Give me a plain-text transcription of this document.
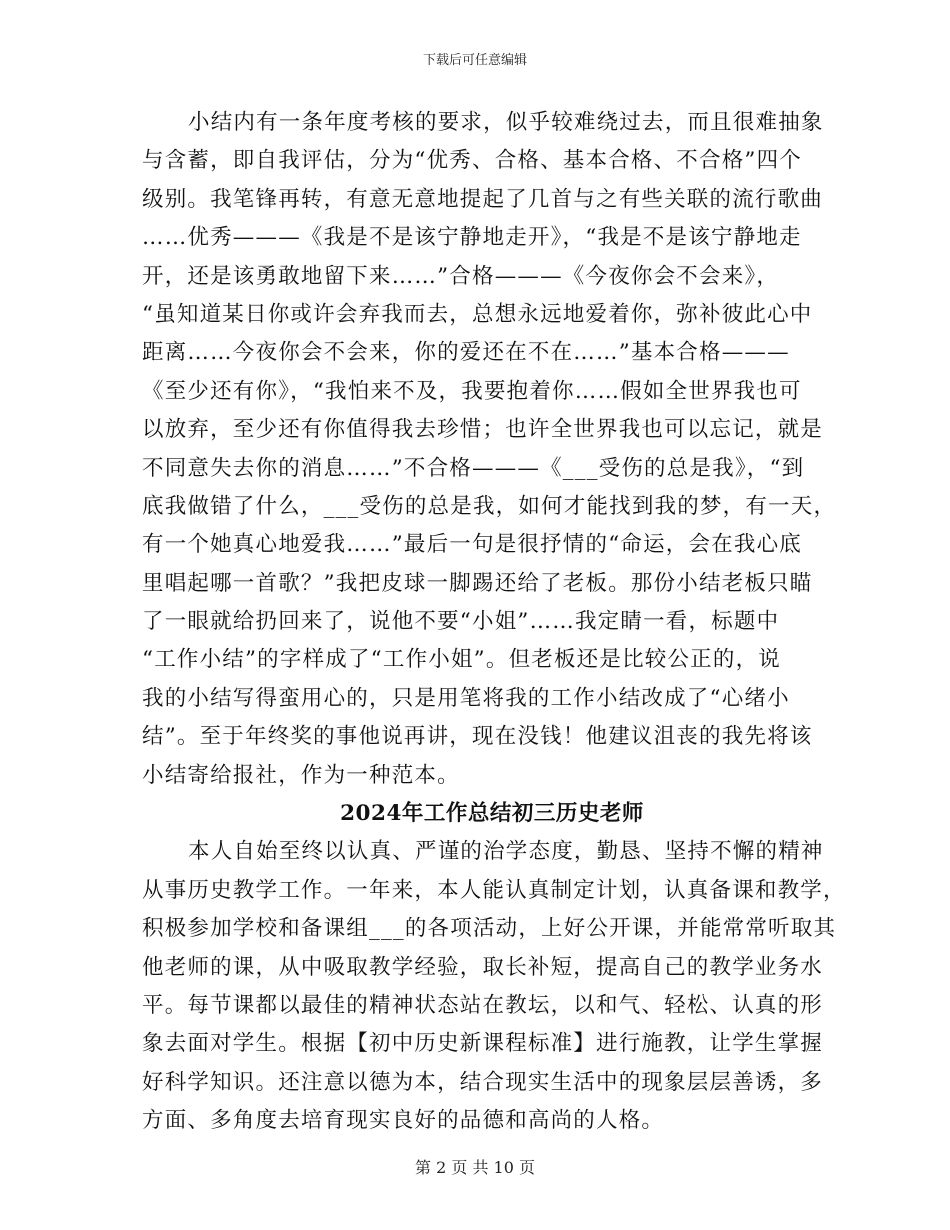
下载后可任意编辑
小结内有一条年度考核的要求，似乎较难绕过去，而且很难抽象
与含蓄，即自我评估，分为“优秀、合格、基本合格、不合格”四个
级别。我笔锋再转，有意无意地提起了几首与之有些关联的流行歌曲
……优秀———《我是不是该宁静地走开》，“我是不是该宁静地走
开，还是该勇敢地留下来……”合格———《今夜你会不会来》，
“虽知道某日你或许会弃我而去，总想永远地爱着你，弥补彼此心中
距离……今夜你会不会来，你的爱还在不在……”基本合格———
《至少还有你》，“我怕来不及，我要抱着你……假如全世界我也可
以放弃，至少还有你值得我去珍惜；也许全世界我也可以忘记，就是
不同意失去你的消息……”不合格———《___受伤的总是我》，“到
底我做错了什么，___受伤的总是我，如何才能找到我的梦，有一天，
有一个她真心地爱我……”最后一句是很抒情的“命运，会在我心底
里唱起哪一首歌？”我把皮球一脚踢还给了老板。那份小结老板只瞄
了一眼就给扔回来了，说他不要“小姐”……我定睛一看，标题中
“工作小结”的字样成了“工作小姐”。但老板还是比较公正的，说
我的小结写得蛮用心的，只是用笔将我的工作小结改成了“心绪小
结”。至于年终奖的事他说再讲，现在没钱！他建议沮丧的我先将该
小结寄给报社，作为一种范本。
2024年工作总结初三历史老师
本人自始至终以认真、严谨的治学态度，勤恳、坚持不懈的精神
从事历史教学工作。一年来，本人能认真制定计划，认真备课和教学，
积极参加学校和备课组___的各项活动，上好公开课，并能常常听取其
他老师的课，从中吸取教学经验，取长补短，提高自己的教学业务水
平。每节课都以最佳的精神状态站在教坛，以和气、轻松、认真的形
象去面对学生。根据【初中历史新课程标准】进行施教，让学生掌握
好科学知识。还注意以德为本，结合现实生活中的现象层层善诱，多
方面、多角度去培育现实良好的品德和高尚的人格。
第 2 页 共 10 页
